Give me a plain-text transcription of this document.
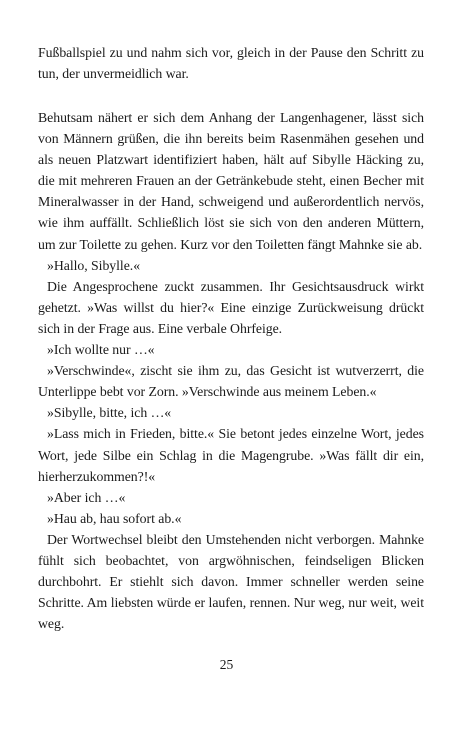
Fußballspiel zu und nahm sich vor, gleich in der Pause den Schritt zu tun, der unvermeidlich war.

Behutsam nähert er sich dem Anhang der Langenhagener, lässt sich von Männern grüßen, die ihn bereits beim Rasenmähen gesehen und als neuen Platzwart identifiziert haben, hält auf Sibylle Häcking zu, die mit mehreren Frauen an der Getränkebude steht, einen Becher mit Mineralwasser in der Hand, schweigend und außerordentlich nervös, wie ihm auffällt. Schließlich löst sie sich von den anderen Müttern, um zur Toilette zu gehen. Kurz vor den Toiletten fängt Mahnke sie ab.

»Hallo, Sibylle.«

Die Angesprochene zuckt zusammen. Ihr Gesichtsausdruck wirkt gehetzt. »Was willst du hier?« Eine einzige Zurückweisung drückt sich in der Frage aus. Eine verbale Ohrfeige.

»Ich wollte nur …«

»Verschwinde«, zischt sie ihm zu, das Gesicht ist wutverzerrt, die Unterlippe bebt vor Zorn. »Verschwinde aus meinem Leben.«

»Sibylle, bitte, ich …«

»Lass mich in Frieden, bitte.« Sie betont jedes einzelne Wort, jedes Wort, jede Silbe ein Schlag in die Magengrube. »Was fällt dir ein, hierherzukommen?!«

»Aber ich …«

»Hau ab, hau sofort ab.«

Der Wortwechsel bleibt den Umstehenden nicht verborgen. Mahnke fühlt sich beobachtet, von argwöhnischen, feindseligen Blicken durchbohrt. Er stiehlt sich davon. Immer schneller werden seine Schritte. Am liebsten würde er laufen, rennen. Nur weg, nur weit, weit weg.

25
